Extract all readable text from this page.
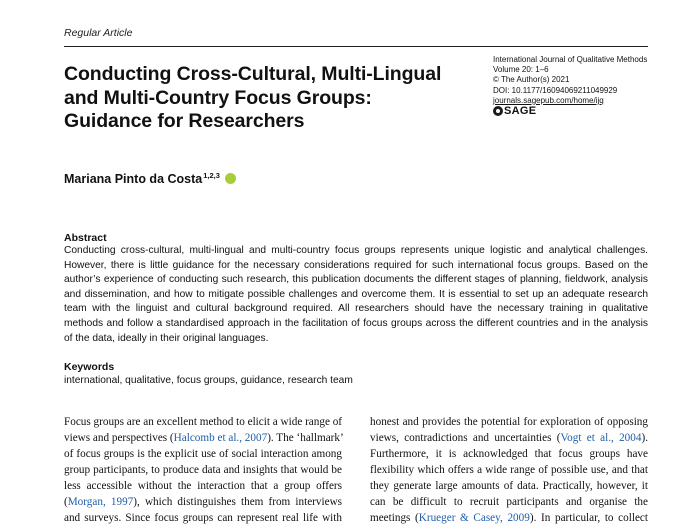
Regular Article
International Journal of Qualitative Methods
Volume 20: 1–6
© The Author(s) 2021
DOI: 10.1177/16094069211049929
journals.sagepub.com/home/ijq
SAGE
Conducting Cross-Cultural, Multi-Lingual
and Multi-Country Focus Groups:
Guidance for Researchers
Mariana Pinto da Costa$^{1,2,3}$
Abstract
Conducting cross-cultural, multi-lingual and multi-country focus groups represents unique logistic and analytical challenges.
However, there is little guidance for the necessary considerations required for such international focus groups. Based on the
author’s experience of conducting such research, this publication documents the different stages of planning, fieldwork, analysis
and dissemination, and how to mitigate possible challenges and overcome them. It is essential to set up an adequate research
team with the linguist and cultural background required. All researchers should have the necessary training in qualitative
methods and follow a standardised approach in the facilitation of focus groups across the different countries and in the analysis
of the data, ideally in their original languages.
Keywords
international, qualitative, focus groups, guidance, research team
Focus groups are an excellent method to elicit a wide range of
views and perspectives (Halcomb et al., 2007). The ‘hallmark’
of focus groups is the explicit use of social interaction among
group participants, to produce data and insights that would be
less accessible without the interaction that a group offers
(Morgan, 1997), which distinguishes them from interviews
and surveys. Since focus groups can represent real life with
honest and provides the potential for exploration of opposing
views, contradictions and uncertainties (Vogt et al., 2004).
Furthermore, it is acknowledged that focus groups have
flexibility which offers a wide range of possible use, and that
they generate large amounts of data. Practically, however, it
can be difficult to recruit participants and organise the
meetings (Krueger & Casey, 2009). In particular, to collect
